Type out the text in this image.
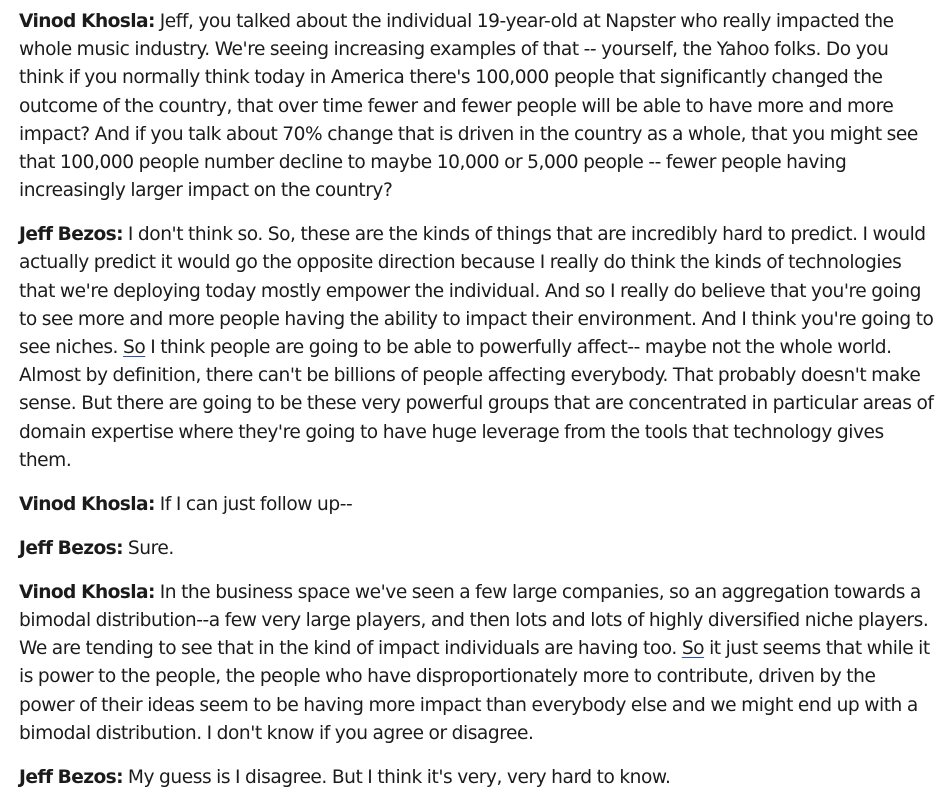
Vinod Khosla: Jeff, you talked about the individual 19-year-old at Napster who really impacted the whole music industry. We're seeing increasing examples of that -- yourself, the Yahoo folks. Do you think if you normally think today in America there's 100,000 people that significantly changed the outcome of the country, that over time fewer and fewer people will be able to have more and more impact? And if you talk about 70% change that is driven in the country as a whole, that you might see that 100,000 people number decline to maybe 10,000 or 5,000 people -- fewer people having increasingly larger impact on the country?

Jeff Bezos: I don't think so. So, these are the kinds of things that are incredibly hard to predict. I would actually predict it would go the opposite direction because I really do think the kinds of technologies that we're deploying today mostly empower the individual. And so I really do believe that you're going to see more and more people having the ability to impact their environment. And I think you're going to see niches. So I think people are going to be able to powerfully affect-- maybe not the whole world. Almost by definition, there can't be billions of people affecting everybody. That probably doesn't make sense. But there are going to be these very powerful groups that are concentrated in particular areas of domain expertise where they're going to have huge leverage from the tools that technology gives them.

Vinod Khosla: If I can just follow up--

Jeff Bezos: Sure.

Vinod Khosla: In the business space we've seen a few large companies, so an aggregation towards a bimodal distribution--a few very large players, and then lots and lots of highly diversified niche players. We are tending to see that in the kind of impact individuals are having too. So it just seems that while it is power to the people, the people who have disproportionately more to contribute, driven by the power of their ideas seem to be having more impact than everybody else and we might end up with a bimodal distribution. I don't know if you agree or disagree.

Jeff Bezos: My guess is I disagree. But I think it's very, very hard to know.
